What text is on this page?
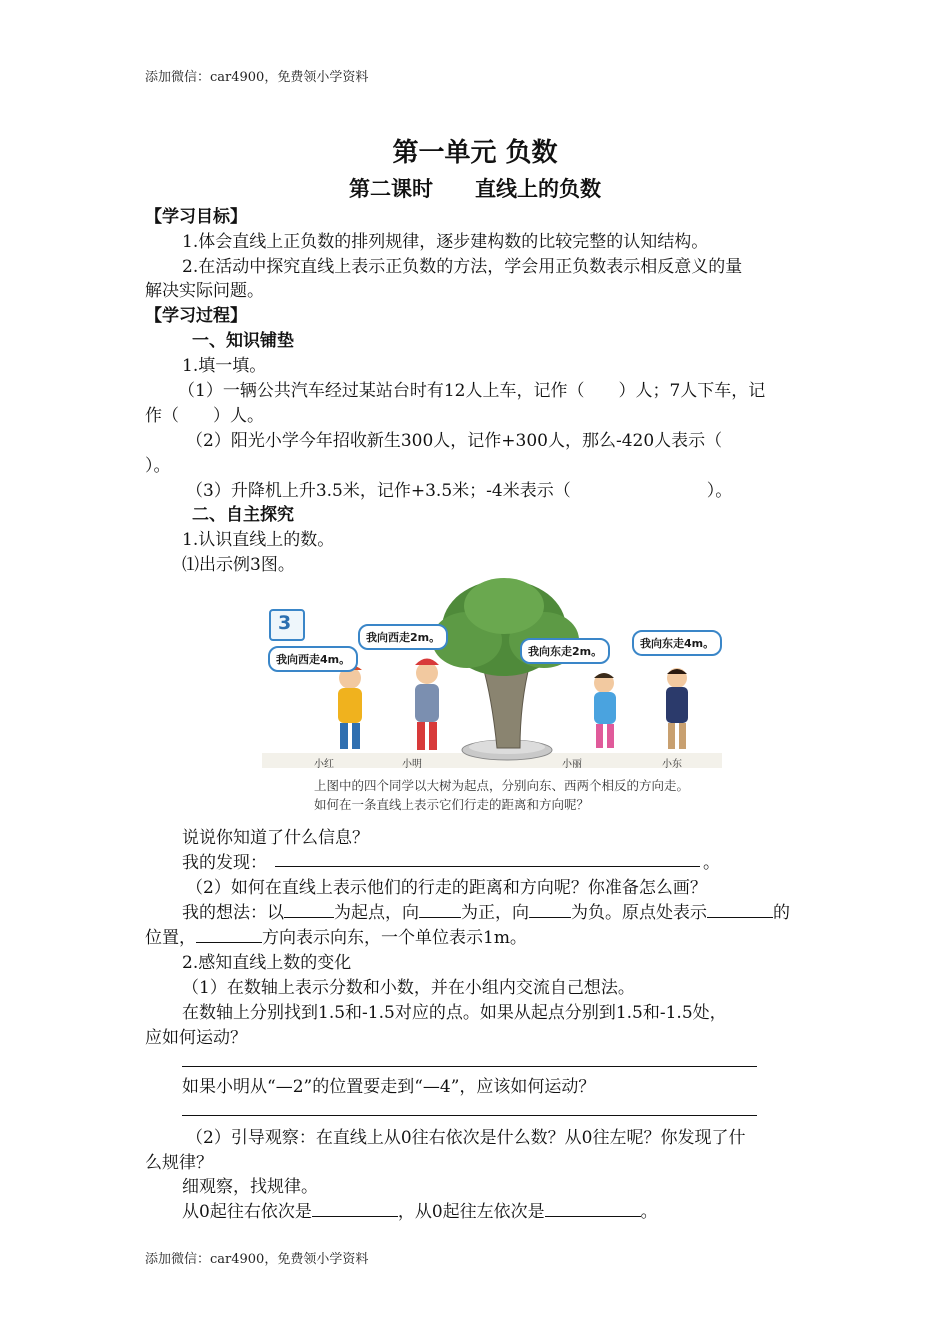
添加微信：car4900，免费领小学资料
第一单元 负数
第二课时　　直线上的负数
【学习目标】
1.体会直线上正负数的排列规律，逐步建构数的比较完整的认知结构。
2.在活动中探究直线上表示正负数的方法，学会用正负数表示相反意义的量
解决实际问题。
【学习过程】
一、知识铺垫
1.填一填。
（1）一辆公共汽车经过某站台时有12人上车，记作（　　）人；7人下车，记
作（　　）人。
（2）阳光小学今年招收新生300人，记作+300人，那么-420人表示（
）。
（3）升降机上升3.5米，记作+3.5米；-4米表示（　　　　　　　　）。
二、自主探究
1.认识直线上的数。
⑴出示例3图。
3
我向西走4m。
我向西走2m。
我向东走2m。
我向东走4m。
小红	小明	小丽	小东
上图中的四个同学以大树为起点，分别向东、西两个相反的方向走。
如何在一条直线上表示它们行走的距离和方向呢？
说说你知道了什么信息？
我的发现：	。
（2）如何在直线上表示他们的行走的距离和方向呢？你准备怎么画？
我的想法：以	为起点，向 为正，向 为负。原点处表示	的
位置，	方向表示向东，一个单位表示1m。
2.感知直线上数的变化
（1）在数轴上表示分数和小数，并在小组内交流自己想法。
在数轴上分别找到1.5和-1.5对应的点。如果从起点分别到1.5和-1.5处，
应如何运动？
如果小明从“—2”的位置要走到“—4”，应该如何运动？
（2）引导观察：在直线上从0往右依次是什么数？从0往左呢？你发现了什
么规律？
细观察，找规律。
从0起往右依次是	，从0起往左依次是	。
添加微信：car4900，免费领小学资料
